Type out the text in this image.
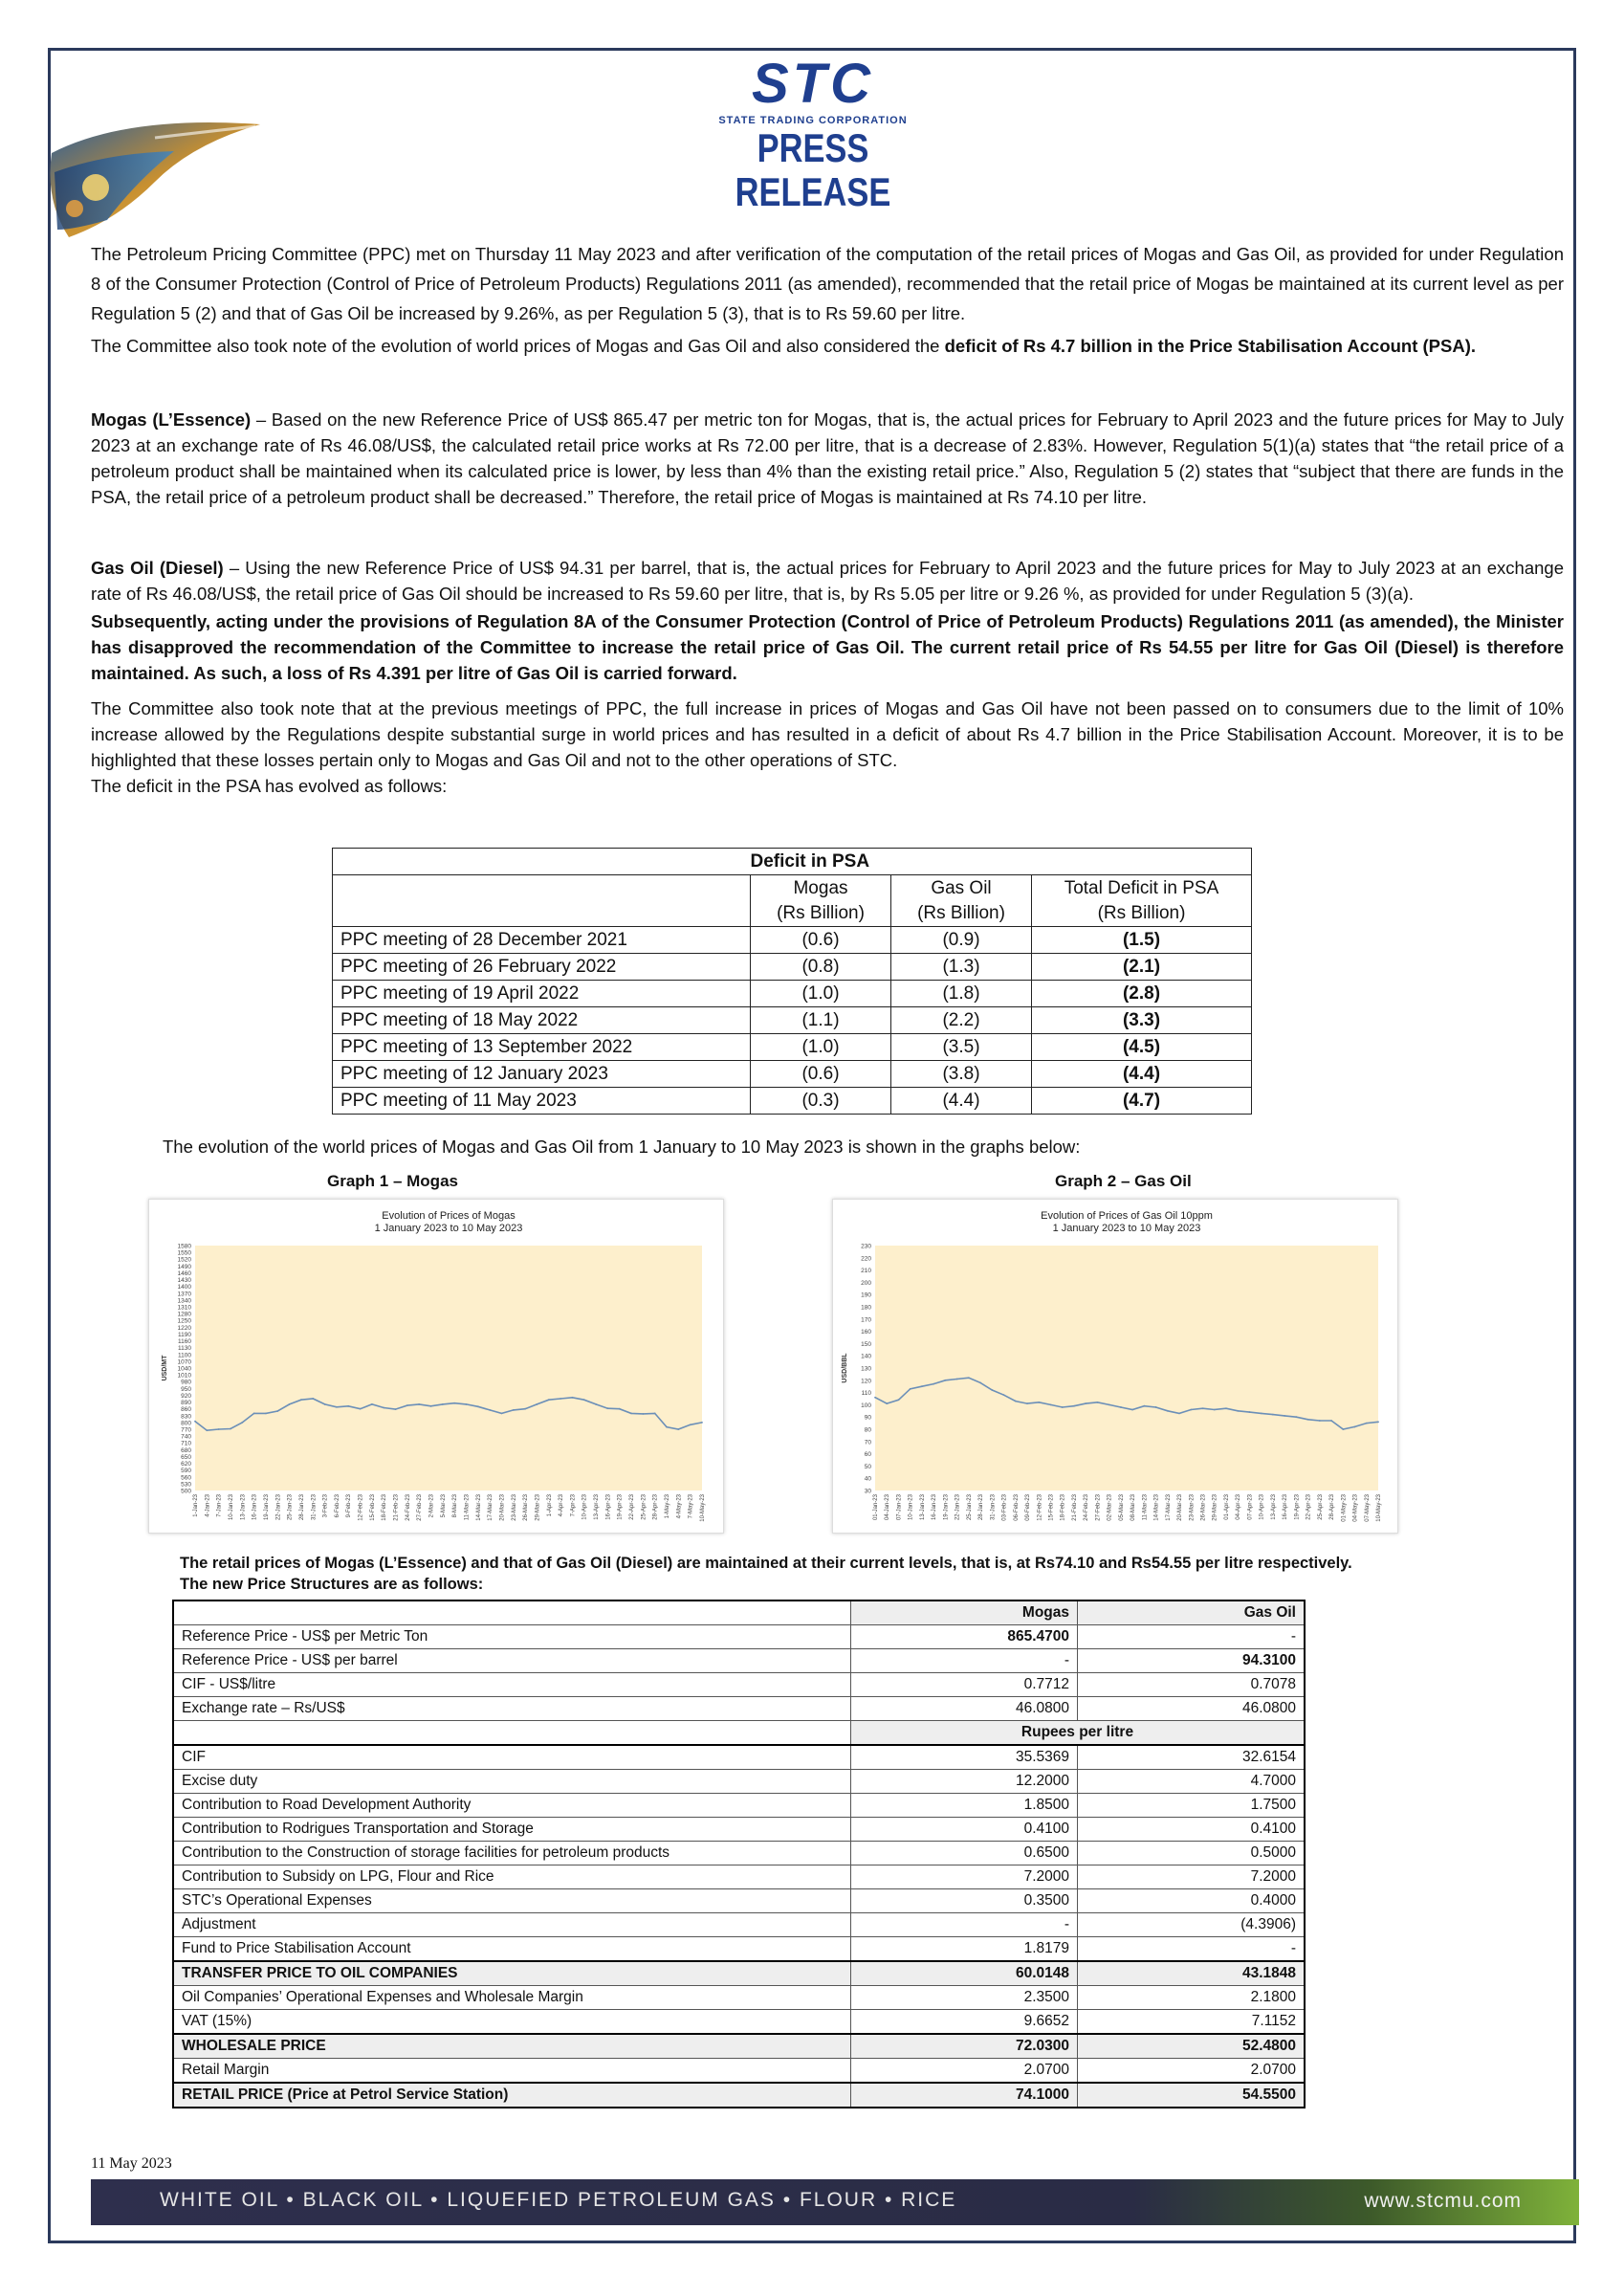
STC
STATE TRADING CORPORATION
PRESS RELEASE

The Petroleum Pricing Committee (PPC) met on Thursday 11 May 2023 and after verification of the computation of the retail prices of Mogas and Gas Oil, as provided for under Regulation 8 of the Consumer Protection (Control of Price of Petroleum Products) Regulations 2011 (as amended), recommended that the retail price of Mogas be maintained at its current level as per Regulation 5 (2) and that of Gas Oil be increased by 9.26%, as per Regulation 5 (3), that is to Rs 59.60 per litre.

The Committee also took note of the evolution of world prices of Mogas and Gas Oil and also considered the deficit of Rs 4.7 billion in the Price Stabilisation Account (PSA).

Mogas (L’Essence) – Based on the new Reference Price of US$ 865.47 per metric ton for Mogas, that is, the actual prices for February to April 2023 and the future prices for May to July 2023 at an exchange rate of Rs 46.08/US$, the calculated retail price works at Rs 72.00 per litre, that is a decrease of 2.83%. However, Regulation 5(1)(a) states that “the retail price of a petroleum product shall be maintained when its calculated price is lower, by less than 4% than the existing retail price.” Also, Regulation 5 (2) states that “subject that there are funds in the PSA, the retail price of a petroleum product shall be decreased.” Therefore, the retail price of Mogas is maintained at Rs 74.10 per litre.

Gas Oil (Diesel) – Using the new Reference Price of US$ 94.31 per barrel, that is, the actual prices for February to April 2023 and the future prices for May to July 2023 at an exchange rate of Rs 46.08/US$, the retail price of Gas Oil should be increased to Rs 59.60 per litre, that is, by Rs 5.05 per litre or 9.26 %, as provided for under Regulation 5 (3)(a).

Subsequently, acting under the provisions of Regulation 8A of the Consumer Protection (Control of Price of Petroleum Products) Regulations 2011 (as amended), the Minister has disapproved the recommendation of the Committee to increase the retail price of Gas Oil. The current retail price of Rs 54.55 per litre for Gas Oil (Diesel) is therefore maintained. As such, a loss of Rs 4.391 per litre of Gas Oil is carried forward.

The Committee also took note that at the previous meetings of PPC, the full increase in prices of Mogas and Gas Oil have not been passed on to consumers due to the limit of 10% increase allowed by the Regulations despite substantial surge in world prices and has resulted in a deficit of about Rs 4.7 billion in the Price Stabilisation Account. Moreover, it is to be highlighted that these losses pertain only to Mogas and Gas Oil and not to the other operations of STC.

The deficit in the PSA has evolved as follows:

	Deficit in PSA		
	Mogas
(Rs Billion)	Gas Oil
(Rs Billion)	Total Deficit in PSA
(Rs Billion)
PPC meeting of 28 December 2021	(0.6)	(0.9)	(1.5)
PPC meeting of 26 February 2022	(0.8)	(1.3)	(2.1)
PPC meeting of 19 April 2022	(1.0)	(1.8)	(2.8)
PPC meeting of 18 May 2022	(1.1)	(2.2)	(3.3)
PPC meeting of 13 September 2022	(1.0)	(3.5)	(4.5)
PPC meeting of 12 January 2023	(0.6)	(3.8)	(4.4)
PPC meeting of 11 May 2023	(0.3)	(4.4)	(4.7)
The evolution of the world prices of Mogas and Gas Oil from 1 January to 10 May 2023 is shown in the graphs below:
Graph 1 – Mogas	Graph 2 – Gas Oil
Evolution of Prices of Mogas
1 January 2023 to 10 May 2023
500
530
560
590
620
650
680
710
740
770
800
830
860
890
920
950
980
1010
1040
1070
1100
1130
1160
1190
1220
1250
1280
1310
1340
1370
1400
1430
1460
1490
1520
1550
1580
USD/MT
1-Jan-23 4-Jan-23 7-Jan-23 10-Jan-23 13-Jan-23 16-Jan-23 19-Jan-23 22-Jan-23 25-Jan-23 28-Jan-23 31-Jan-23 3-Feb-23 6-Feb-23 9-Feb-23 12-Feb-23 15-Feb-23 18-Feb-23 21-Feb-23 24-Feb-23 27-Feb-23 2-Mar-23 5-Mar-23 8-Mar-23 11-Mar-23 14-Mar-23 17-Mar-23 20-Mar-23 23-Mar-23 26-Mar-23 29-Mar-23 1-Apr-23 4-Apr-23 7-Apr-23 10-Apr-23 13-Apr-23 16-Apr-23 19-Apr-23 22-Apr-23 25-Apr-23 28-Apr-23 1-May-23 4-May-23 7-May-23 10-May-23
Evolution of Prices of Gas Oil 10ppm
1 January 2023 to 10 May 2023
30
40
50
60
70
80
90
100
110
120
130
140
150
160
170
180
190
200
210
220
230
USD/BBL
01-Jan-23 04-Jan-23 07-Jan-23 10-Jan-23 13-Jan-23 16-Jan-23 19-Jan-23 22-Jan-23 25-Jan-23 28-Jan-23 31-Jan-23 03-Feb-23 06-Feb-23 09-Feb-23 12-Feb-23 15-Feb-23 18-Feb-23 21-Feb-23 24-Feb-23 27-Feb-23 02-Mar-23 05-Mar-23 08-Mar-23 11-Mar-23 14-Mar-23 17-Mar-23 20-Mar-23 23-Mar-23 26-Mar-23 29-Mar-23 01-Apr-23 04-Apr-23 07-Apr-23 10-Apr-23 13-Apr-23 16-Apr-23 19-Apr-23 22-Apr-23 25-Apr-23 28-Apr-23 01-May-23 04-May-23 07-May-23 10-May-23
The retail prices of Mogas (L’Essence) and that of Gas Oil (Diesel) are maintained at their current levels, that is, at Rs74.10 and Rs54.55 per litre respectively.
The new Price Structures are as follows:
	Mogas	Gas Oil
Reference Price - US$ per Metric Ton	865.4700	-
Reference Price - US$ per barrel	-	94.3100
CIF - US$/litre	0.7712	0.7078
Exchange rate – Rs/US$	46.0800	46.0800
	Rupees per litre	
CIF	35.5369	32.6154
Excise duty	12.2000	4.7000
Contribution to Road Development Authority	1.8500	1.7500
Contribution to Rodrigues Transportation and Storage	0.4100	0.4100
Contribution to the Construction of storage facilities for petroleum products	0.6500	0.5000
Contribution to Subsidy on LPG, Flour and Rice	7.2000	7.2000
STC’s Operational Expenses	0.3500	0.4000
Adjustment	-	(4.3906)
Fund to Price Stabilisation Account	1.8179	-
TRANSFER PRICE TO OIL COMPANIES	60.0148	43.1848
Oil Companies’ Operational Expenses and Wholesale Margin	2.3500	2.1800
VAT (15%)	9.6652	7.1152
WHOLESALE PRICE	72.0300	52.4800
Retail Margin	2.0700	2.0700
RETAIL PRICE (Price at Petrol Service Station)	74.1000	54.5500
11 May 2023
WHITE OIL • BLACK OIL • LIQUEFIED PETROLEUM GAS • FLOUR • RICE	www.stcmu.com
